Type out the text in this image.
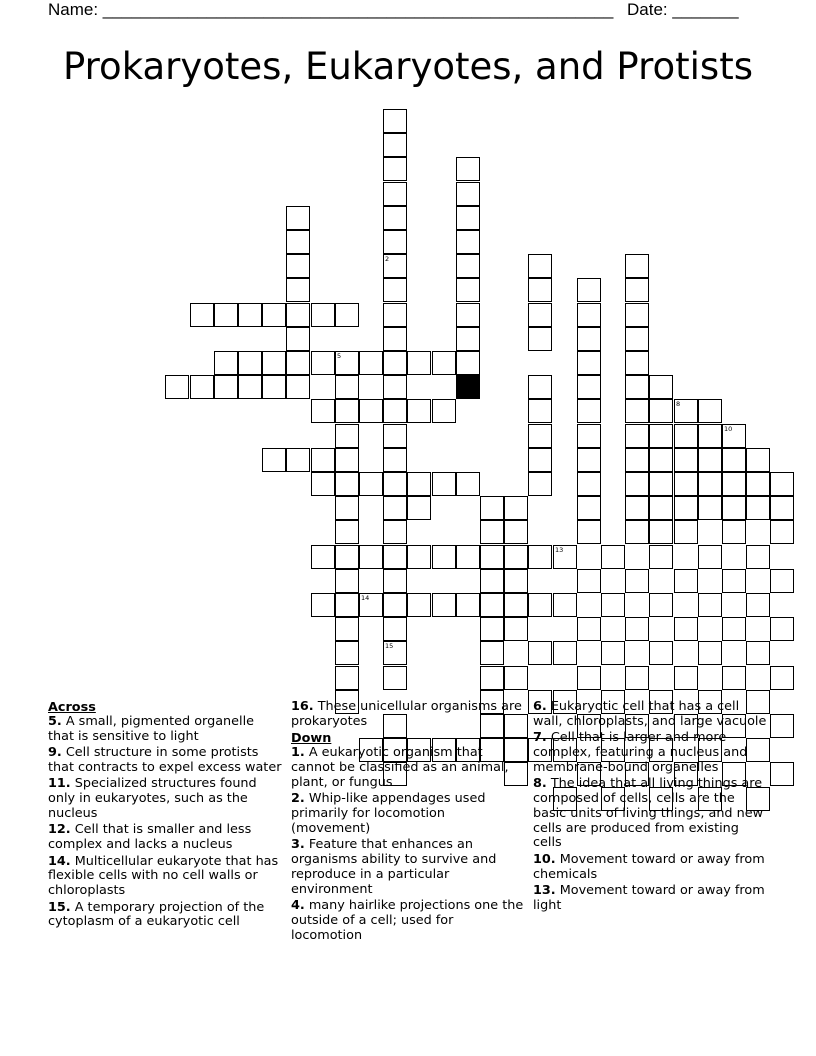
Name: ______________________________________________________ Date: _______
Prokaryotes, Eukaryotes, and Protists
5
14
2
15
13
8
10
Across
5. A small, pigmented organelle that is sensitive to light
9. Cell structure in some protists that contracts to expel excess water
11. Specialized structures found only in eukaryotes, such as the nucleus
12. Cell that is smaller and less complex and lacks a nucleus
14. Multicellular eukaryote that has flexible cells with no cell walls or chloroplasts
15. A temporary projection of the cytoplasm of a eukaryotic cell
16. These unicellular organisms are prokaryotes
Down
1. A eukaryotic organism that cannot be classified as an animal, plant, or fungus
2. Whip-like appendages used primarily for locomotion (movement)
3. Feature that enhances an organisms ability to survive and reproduce in a particular environment
4. many hairlike projections one the outside of a cell; used for locomotion
6. Eukaryotic cell that has a cell wall, chloroplasts, and large vacuole
7. Cell that is larger and more complex, featuring a nucleus and membrane-bound organelles
8. The idea that all living things are composed of cells, cells are the basic units of living things, and new cells are produced from existing cells
10. Movement toward or away from chemicals
13. Movement toward or away from light
